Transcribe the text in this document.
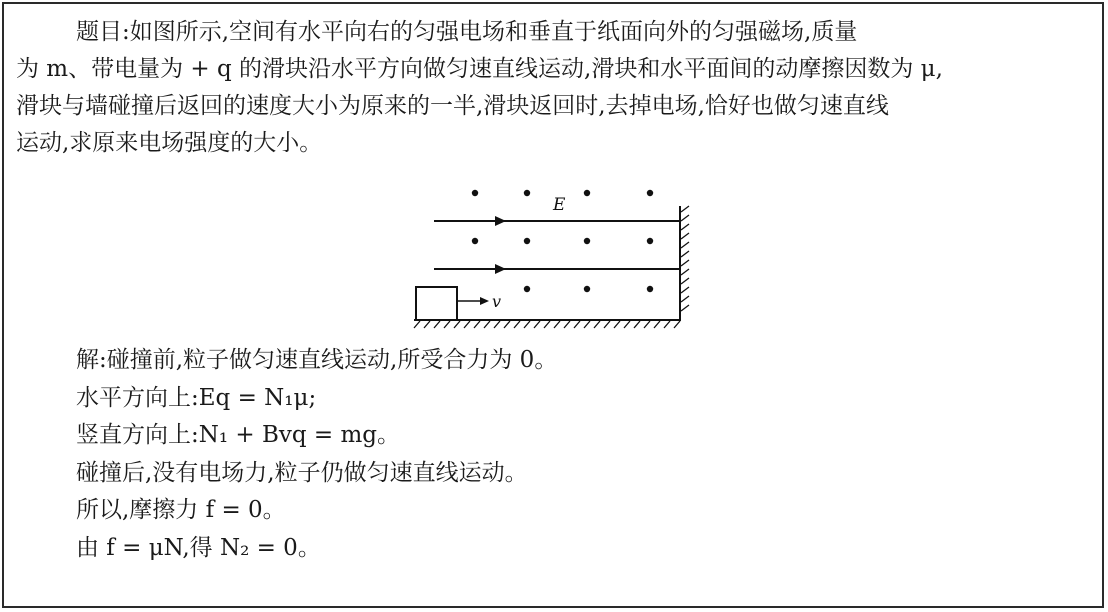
题目:如图所示,空间有水平向右的匀强电场和垂直于纸面向外的匀强磁场,质量

为 m、带电量为 + q 的滑块沿水平方向做匀速直线运动,滑块和水平面间的动摩擦因数为 μ,

滑块与墙碰撞后返回的速度大小为原来的一半,滑块返回时,去掉电场,恰好也做匀速直线

运动,求原来电场强度的大小。

E
v
解:碰撞前,粒子做匀速直线运动,所受合力为 0。
水平方向上:Eq = N₁μ;
竖直方向上:N₁ + Bvq = mg。
碰撞后,没有电场力,粒子仍做匀速直线运动。
所以,摩擦力 f = 0。
由 f = μN,得 N₂ = 0。
